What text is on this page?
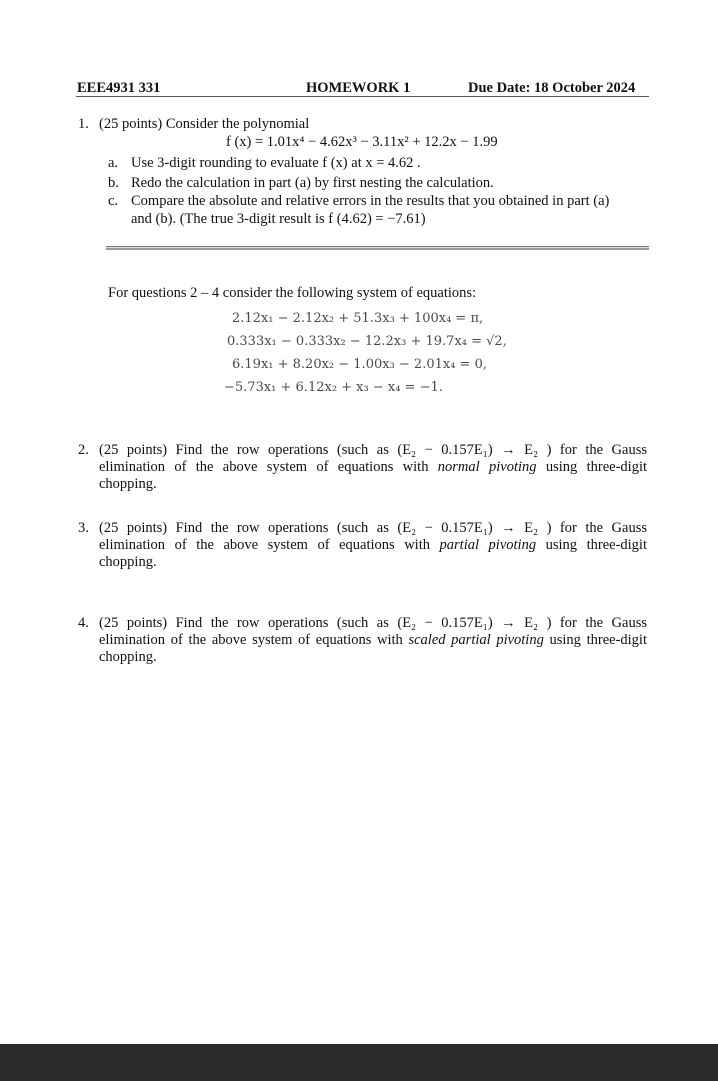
EEE4931 331	HOMEWORK 1	Due Date: 18 October 2024
1. (25 points) Consider the polynomial
f (x) = 1.01x⁴ − 4.62x³ − 3.11x² + 12.2x − 1.99
a. Use 3-digit rounding to evaluate f (x) at x = 4.62 .
b. Redo the calculation in part (a) by first nesting the calculation.
c. Compare the absolute and relative errors in the results that you obtained in part (a)
and (b). (The true 3-digit result is f (4.62) = −7.61)
For questions 2 – 4 consider the following system of equations:
2.12x₁ − 2.12x₂ + 51.3x₃ + 100x₄ = π,
0.333x₁ − 0.333x₂ − 12.2x₃ + 19.7x₄ = √2,
6.19x₁ + 8.20x₂ − 1.00x₃ − 2.01x₄ = 0,
−5.73x₁ + 6.12x₂ + x₃ − x₄ = −1.
2. (25 points) Find the row operations (such as (E₂ − 0.157E₁) → E₂ ) for the Gauss
elimination of the above system of equations with normal pivoting using three-digit
chopping.
3. (25 points) Find the row operations (such as (E₂ − 0.157E₁) → E₂ ) for the Gauss
elimination of the above system of equations with partial pivoting using three-digit
chopping.
4. (25 points) Find the row operations (such as (E₂ − 0.157E₁) → E₂ ) for the Gauss
elimination of the above system of equations with scaled partial pivoting using three-digit
chopping.
